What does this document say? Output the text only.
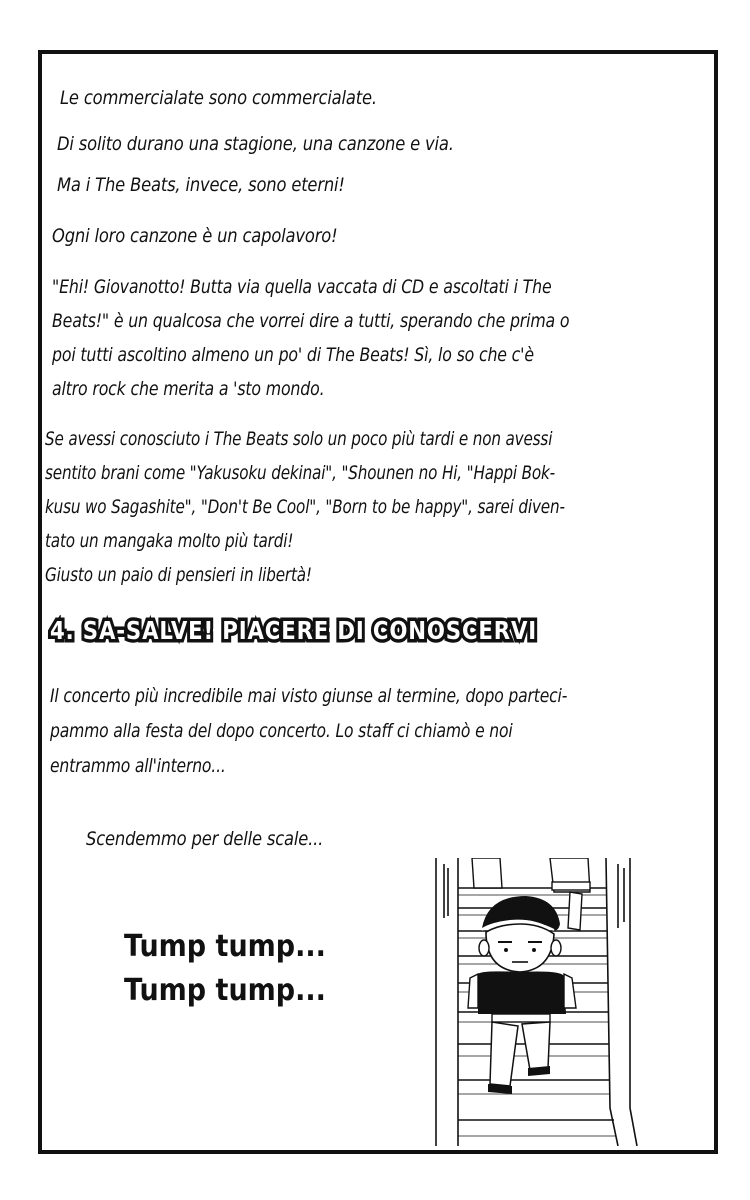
Le commercialate sono commercialate.
Di solito durano una stagione, una canzone e via.
Ma i The Beats, invece, sono eterni!
Ogni loro canzone è un capolavoro!
"Ehi! Giovanotto! Butta via quella vaccata di CD e ascoltati i The
Beats!" è un qualcosa che vorrei dire a tutti, sperando che prima o
poi tutti ascoltino almeno un po' di The Beats! Sì, lo so che c'è
altro rock che merita a 'sto mondo.
Se avessi conosciuto i The Beats solo un poco più tardi e non avessi
sentito brani come "Yakusoku dekinai", "Shounen no Hi, "Happi Bok-
kusu wo Sagashite", "Don't Be Cool", "Born to be happy", sarei diven-
tato un mangaka molto più tardi!
Giusto un paio di pensieri in libertà!
4. SA-SALVE! PIACERE DI CONOSCERVI
Il concerto più incredibile mai visto giunse al termine, dopo parteci-
pammo alla festa del dopo concerto. Lo staff ci chiamò e noi
entrammo all'interno...
Scendemmo per delle scale...
Tump tump...
Tump tump...
